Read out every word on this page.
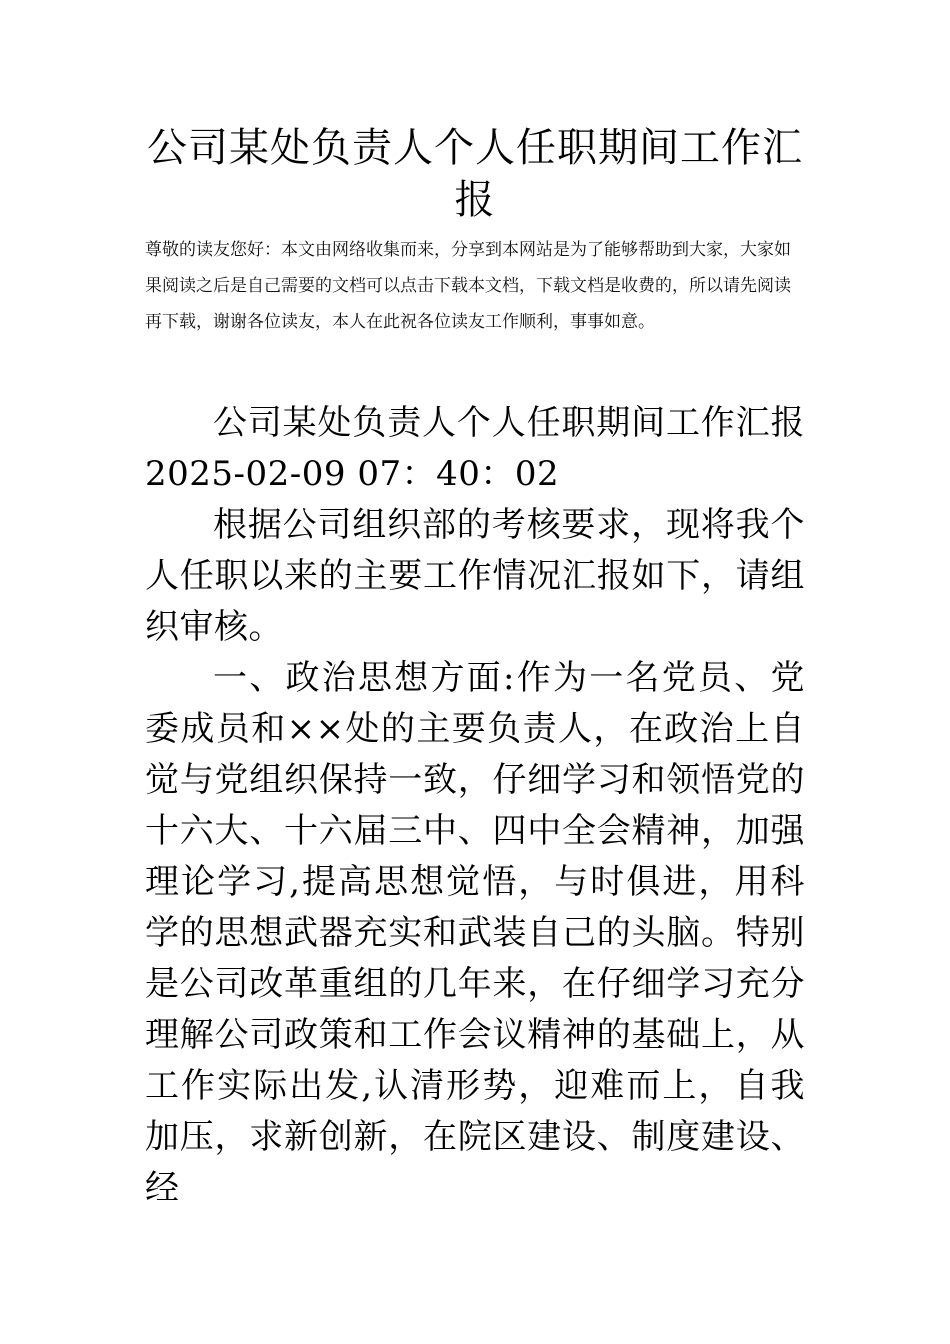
公司某处负责人个人任职期间工作汇报

尊敬的读友您好：本文由网络收集而来，分享到本网站是为了能够帮助到大家，大家如果阅读之后是自己需要的文档可以点击下载本文档，下载文档是收费的，所以请先阅读再下载，谢谢各位读友，本人在此祝各位读友工作顺利，事事如意。

公司某处负责人个人任职期间工作汇报 2025-02-09 07：40：02

根据公司组织部的考核要求，现将我个人任职以来的主要工作情况汇报如下，请组织审核。

一、政治思想方面:作为一名党员、党委成员和××处的主要负责人，在政治上自觉与党组织保持一致，仔细学习和领悟党的十六大、十六届三中、四中全会精神，加强理论学习,提高思想觉悟，与时俱进，用科学的思想武器充实和武装自己的头脑。特别是公司改革重组的几年来，在仔细学习充分理解公司政策和工作会议精神的基础上，从工作实际出发,认清形势，迎难而上，自我加压，求新创新，在院区建设、制度建设、经
